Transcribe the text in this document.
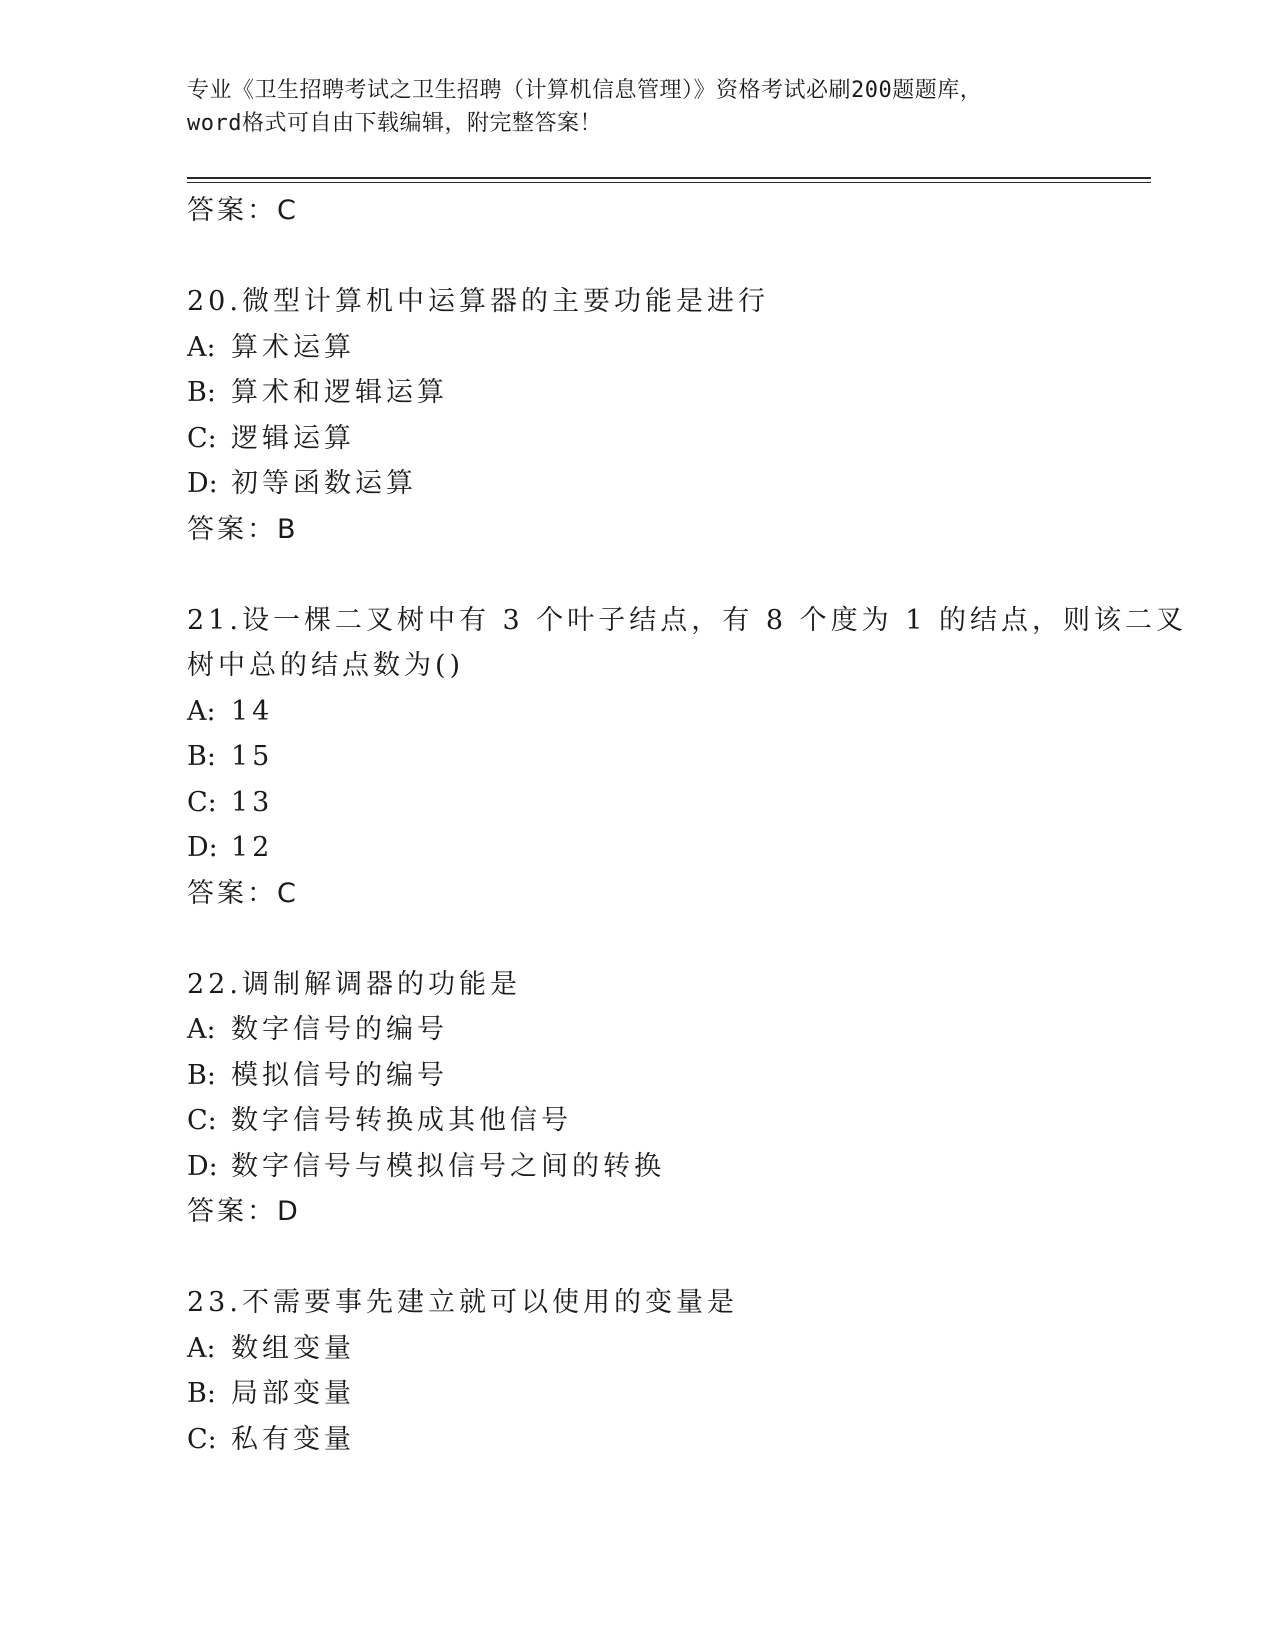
专业《卫生招聘考试之卫生招聘（计算机信息管理）》资格考试必刷200题题库，
word格式可自由下载编辑，附完整答案！
答案：C
20.微型计算机中运算器的主要功能是进行
A: 算术运算
B: 算术和逻辑运算
C: 逻辑运算
D: 初等函数运算
答案：B
21.设一棵二叉树中有 3 个叶子结点，有 8 个度为 1 的结点，则该二叉
树中总的结点数为()
A: 14
B: 15
C: 13
D: 12
答案：C
22.调制解调器的功能是
A: 数字信号的编号
B: 模拟信号的编号
C: 数字信号转换成其他信号
D: 数字信号与模拟信号之间的转换
答案：D
23.不需要事先建立就可以使用的变量是
A: 数组变量
B: 局部变量
C: 私有变量
